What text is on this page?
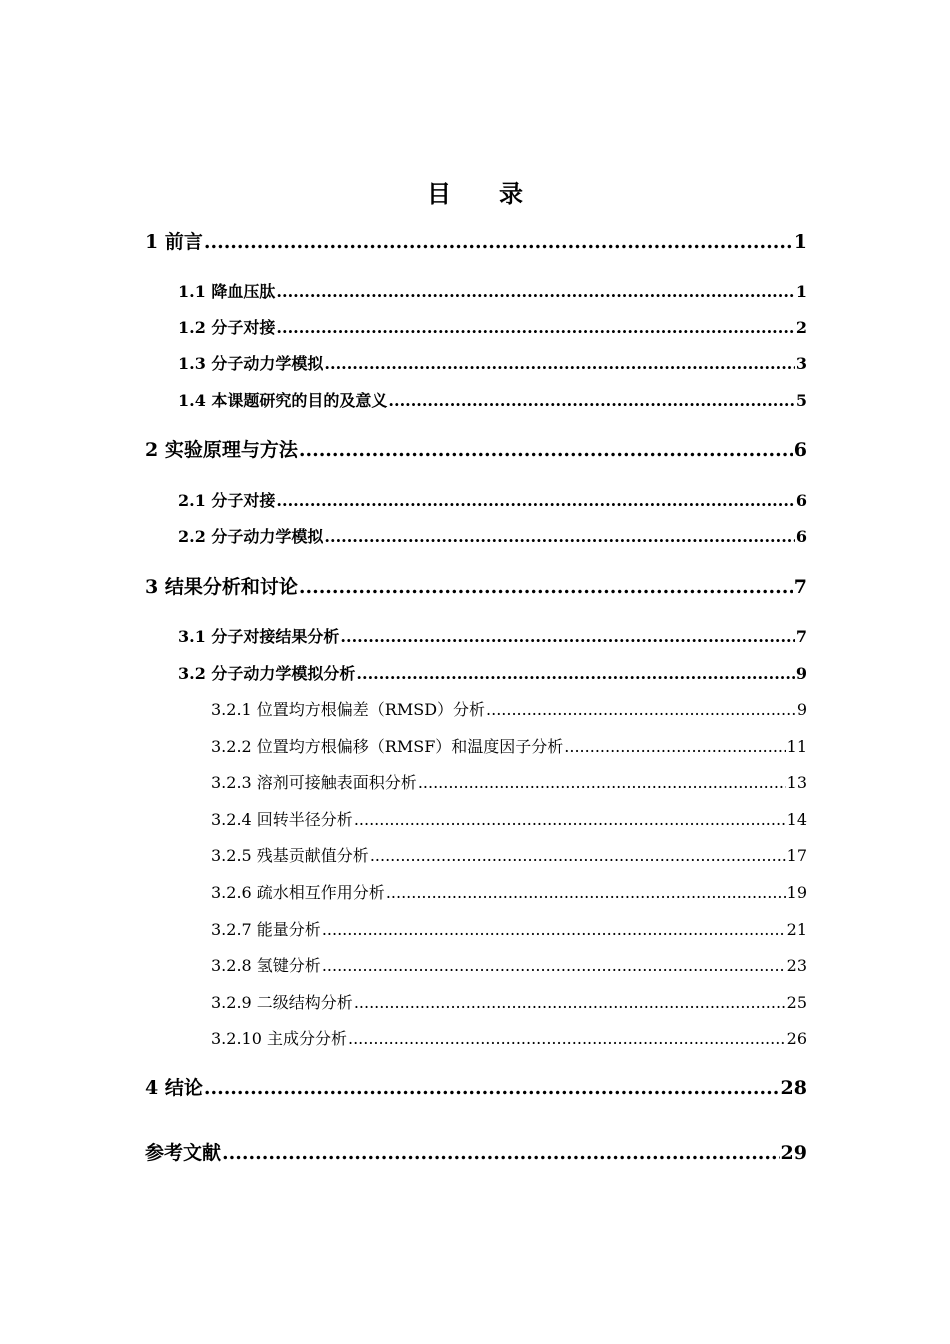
目　　录
1 前言 .....	1
1.1 降血压肽 .....	1
1.2 分子对接 .....	2
1.3 分子动力学模拟 .....	3
1.4 本课题研究的目的及意义 .....	5
2 实验原理与方法 .....	6
2.1 分子对接 .....	6
2.2 分子动力学模拟 .....	6
3 结果分析和讨论 .....	7
3.1 分子对接结果分析 .....	7
3.2 分子动力学模拟分析 .....	9
3.2.1 位置均方根偏差（RMSD）分析 .....	9
3.2.2 位置均方根偏移（RMSF）和温度因子分析 .....	11
3.2.3 溶剂可接触表面积分析 .....	13
3.2.4 回转半径分析 .....	14
3.2.5 残基贡献值分析 .....	17
3.2.6 疏水相互作用分析 .....	19
3.2.7 能量分析 .....	21
3.2.8 氢键分析 .....	23
3.2.9 二级结构分析 .....	25
3.2.10 主成分分析 .....	26
4 结论 .....	28
参考文献 .....	29
